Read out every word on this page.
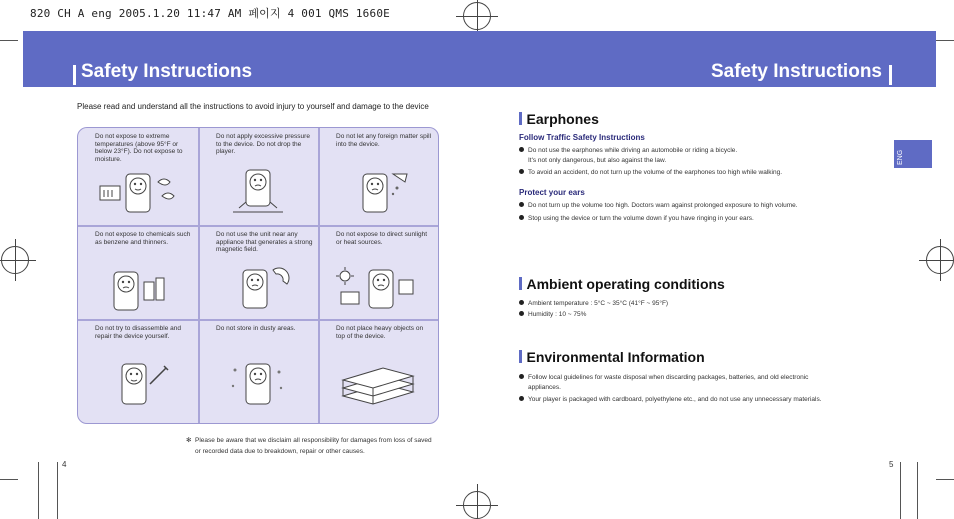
820 CH A eng 2005.1.20 11:47 AM 페이지 4 001 QMS 1660E
Safety Instructions	Safety Instructions
Please read and understand all the instructions to avoid injury to yourself and damage to the device
Do not expose to extreme temperatures (above 95°F or below 23°F). Do not expose to moisture.
Do not apply excessive pressure to the device. Do not drop the player.
Do not let any foreign matter spill into the device.
Do not expose to chemicals such as benzene and thinners.
Do not use the unit near any appliance that generates a strong magnetic field.
Do not expose to direct sunlight or heat sources.
Do not try to disassemble and repair the device yourself.
Do not store in dusty areas.	Do not place heavy objects on top of the device.
✻ Please be aware that we disclaim all responsibility for damages from loss of saved
or recorded data due to breakdown, repair or other causes.
4
ENG
Earphones
Follow Traffic Safety Instructions
Do not use the earphones while driving an automobile or riding a bicycle.
It's not only dangerous, but also against the law.
To avoid an accident, do not turn up the volume of the earphones too high while walking.
Protect your ears
Do not turn up the volume too high. Doctors warn against prolonged exposure to high volume.
Stop using the device or turn the volume down if you have ringing in your ears.
Ambient operating conditions
Ambient temperature : 5°C ~ 35°C (41°F ~ 95°F)
Humidity : 10 ~ 75%
Environmental Information
Follow local guidelines for waste disposal when discarding packages, batteries, and old electronic
appliances.
Your player is packaged with cardboard, polyethylene etc., and do not use any unnecessary materials.
5
